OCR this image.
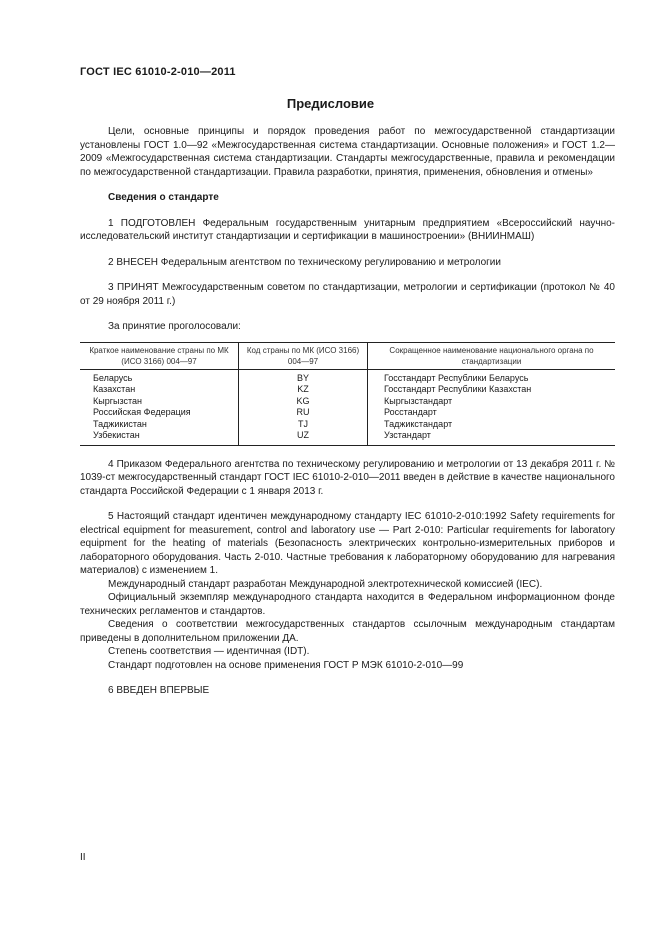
ГОСТ IEC 61010-2-010—2011
Предисловие

Цели, основные принципы и порядок проведения работ по межгосударственной стандартизации установлены ГОСТ 1.0—92 «Межгосударственная система стандартизации. Основные положения» и ГОСТ 1.2—2009 «Межгосударственная система стандартизации. Стандарты межгосударственные, правила и рекомендации по межгосударственной стандартизации. Правила разработки, принятия, применения, обновления и отмены»

Сведения о стандарте

1 ПОДГОТОВЛЕН Федеральным государственным унитарным предприятием «Всероссийский научно-исследовательский институт стандартизации и сертификации в машиностроении» (ВНИИНМАШ)

2 ВНЕСЕН Федеральным агентством по техническому регулированию и метрологии

3 ПРИНЯТ Межгосударственным советом по стандартизации, метрологии и сертификации (протокол № 40 от 29 ноября 2011 г.)

За принятие проголосовали:

Краткое наименование страны по МК (ИСО 3166) 004—97	Код страны по МК (ИСО 3166) 004—97	Сокращенное наименование национального органа по стандартизации
Беларусь	BY	Госстандарт Республики Беларусь
Казахстан	KZ	Госстандарт Республики Казахстан
Кыргызстан	KG	Кыргызстандарт
Российская Федерация	RU	Росстандарт
Таджикистан	TJ	Таджикстандарт
Узбекистан	UZ	Узстандарт

4 Приказом Федерального агентства по техническому регулированию и метрологии от 13 декабря 2011 г. № 1039-ст межгосударственный стандарт ГОСТ IEC 61010-2-010—2011 введен в действие в качестве национального стандарта Российской Федерации с 1 января 2013 г.

5 Настоящий стандарт идентичен международному стандарту IEC 61010-2-010:1992 Safety requirements for electrical equipment for measurement, control and laboratory use — Part 2-010: Particular requirements for laboratory equipment for the heating of materials (Безопасность электрических контрольно-измерительных приборов и лабораторного оборудования. Часть 2-010. Частные требования к лабораторному оборудованию для нагревания материалов) с изменением 1.

Международный стандарт разработан Международной электротехнической комиссией (IEC).

Официальный экземпляр международного стандарта находится в Федеральном информационном фонде технических регламентов и стандартов.

Сведения о соответствии межгосударственных стандартов ссылочным международным стандартам приведены в дополнительном приложении ДА.

Степень соответствия — идентичная (IDT).

Стандарт подготовлен на основе применения ГОСТ Р МЭК 61010-2-010—99

6 ВВЕДЕН ВПЕРВЫЕ

II
